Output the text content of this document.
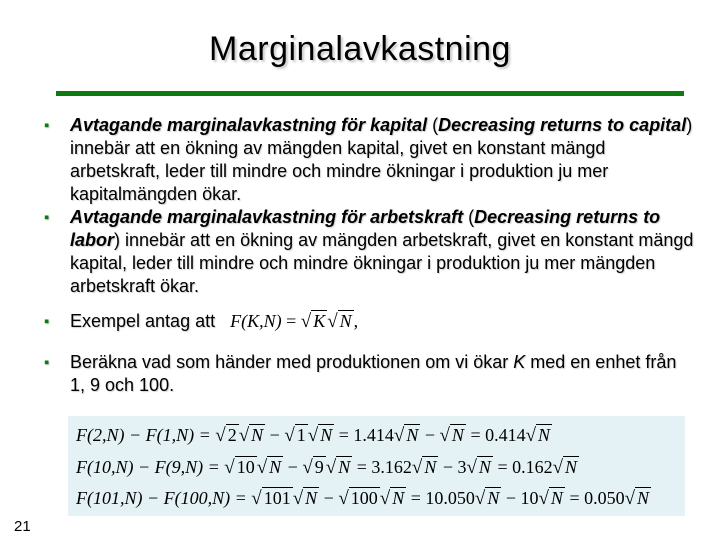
Marginalavkastning
▪ Avtagande marginalavkastning för kapital (Decreasing returns to capital) innebär att en ökning av mängden kapital, givet en konstant mängd arbetskraft, leder till mindre och mindre ökningar i produktion ju mer kapitalmängden ökar.
▪ Avtagande marginalavkastning för arbetskraft (Decreasing returns to labor) innebär att en ökning av mängden arbetskraft, givet en konstant mängd kapital, leder till mindre och mindre ökningar i produktion ju mer mängden arbetskraft ökar.
▪ Exempel antag att F(K,N) = √ K √ N ,
▪ Beräkna vad som händer med produktionen om vi ökar K med en enhet från 1, 9 och 100.
F(2,N) − F(1,N) = √ 2 √ N − √ 1 √ N = 1.414√ N − √ N = 0.414√ N
F(10,N) − F(9,N) = √ 10 √ N − √ 9 √ N = 3.162√ N − 3√ N = 0.162√ N
F(101,N) − F(100,N) = √ 101 √ N − √ 100 √ N = 10.050√ N − 10√ N = 0.050√ N
21
